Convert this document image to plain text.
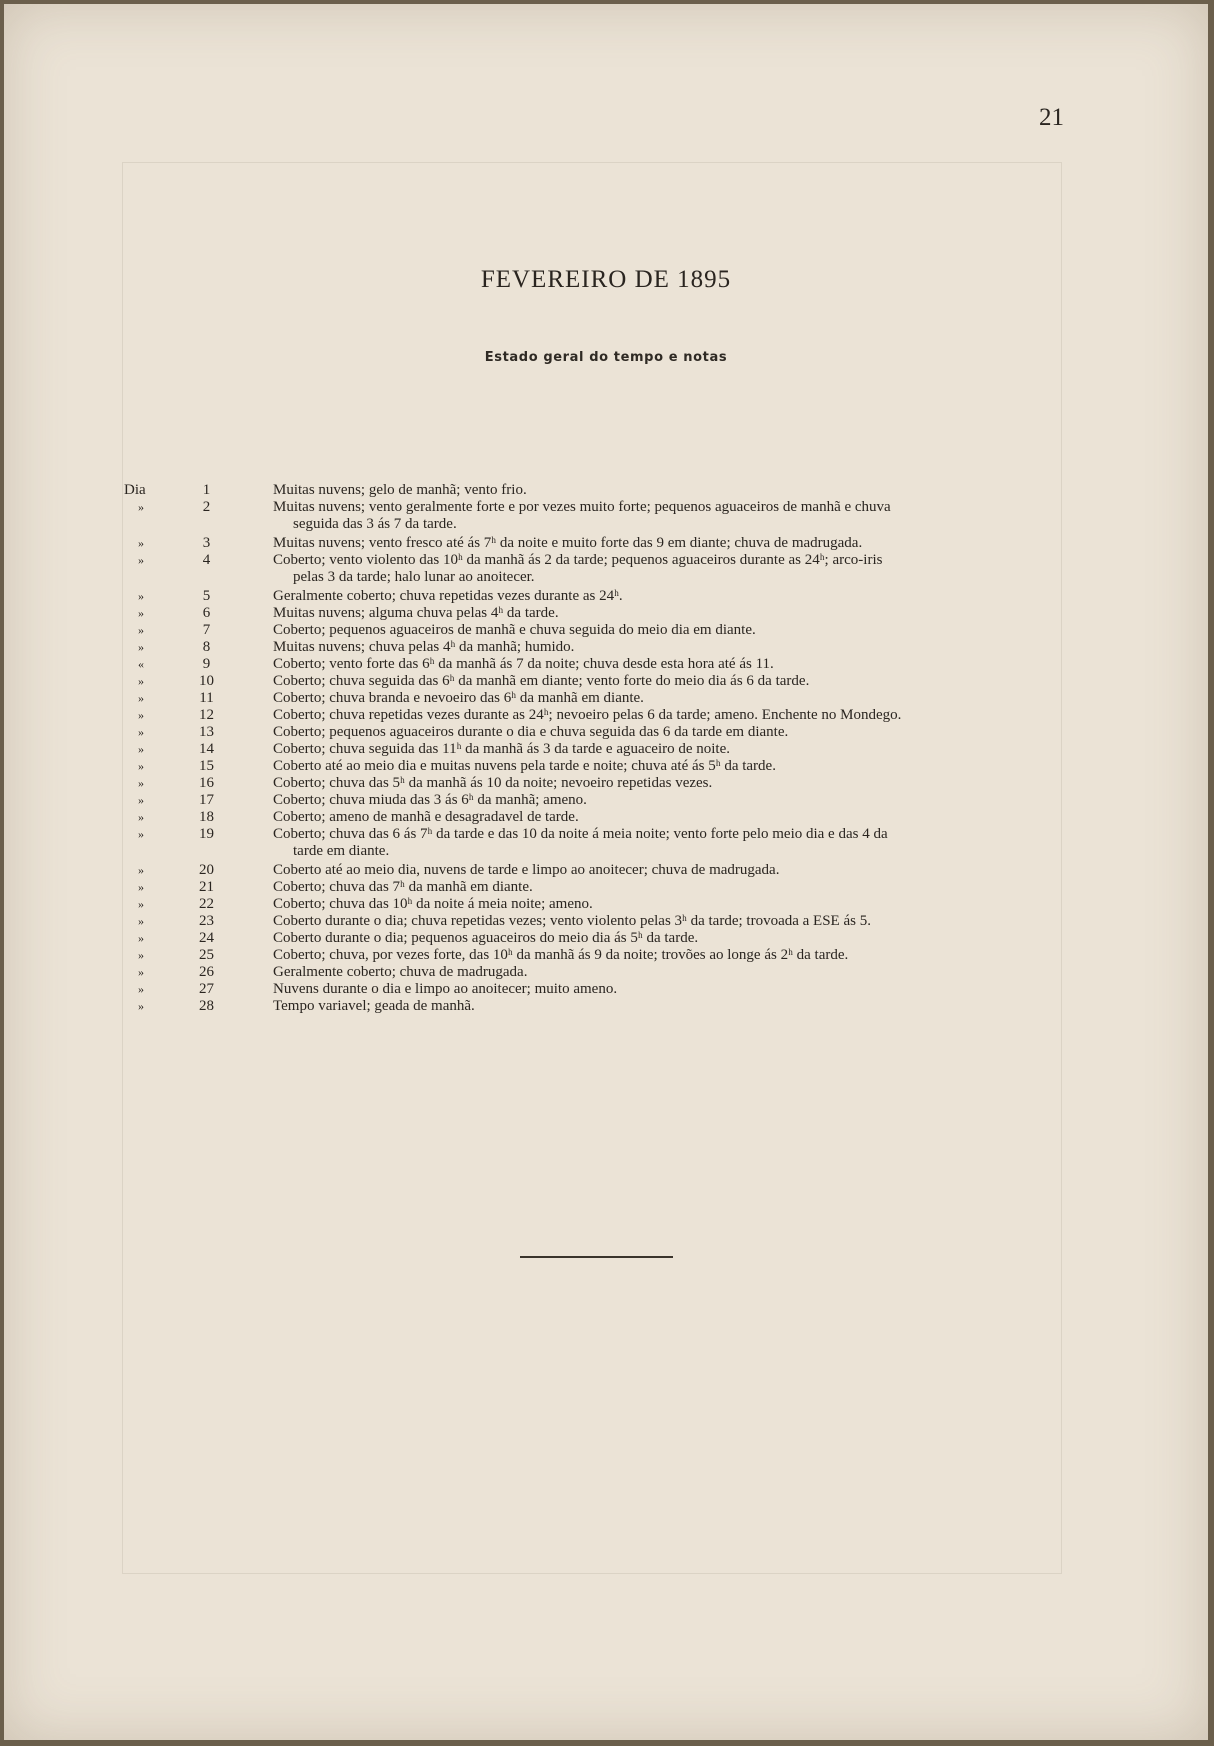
21
FEVEREIRO DE 1895
Estado geral do tempo e notas
Dia	1	Muitas nuvens; gelo de manhã; vento frio.
»	2	Muitas nuvens; vento geralmente forte e por vezes muito forte; pequenos aguaceiros de manhã e chuva
seguida das 3 ás 7 da tarde.
»	3	Muitas nuvens; vento fresco até ás 7ʰ da noite e muito forte das 9 em diante; chuva de madrugada.
»	4	Coberto; vento violento das 10ʰ da manhã ás 2 da tarde; pequenos aguaceiros durante as 24ʰ; arco-iris
pelas 3 da tarde; halo lunar ao anoitecer.
»	5	Geralmente coberto; chuva repetidas vezes durante as 24ʰ.
»	6	Muitas nuvens; alguma chuva pelas 4ʰ da tarde.
»	7	Coberto; pequenos aguaceiros de manhã e chuva seguida do meio dia em diante.
»	8	Muitas nuvens; chuva pelas 4ʰ da manhã; humido.
«	9	Coberto; vento forte das 6ʰ da manhã ás 7 da noite; chuva desde esta hora até ás 11.
»	10	Coberto; chuva seguida das 6ʰ da manhã em diante; vento forte do meio dia ás 6 da tarde.
»	11	Coberto; chuva branda e nevoeiro das 6ʰ da manhã em diante.
»	12	Coberto; chuva repetidas vezes durante as 24ʰ; nevoeiro pelas 6 da tarde; ameno. Enchente no Mondego.
»	13	Coberto; pequenos aguaceiros durante o dia e chuva seguida das 6 da tarde em diante.
»	14	Coberto; chuva seguida das 11ʰ da manhã ás 3 da tarde e aguaceiro de noite.
»	15	Coberto até ao meio dia e muitas nuvens pela tarde e noite; chuva até ás 5ʰ da tarde.
»	16	Coberto; chuva das 5ʰ da manhã ás 10 da noite; nevoeiro repetidas vezes.
»	17	Coberto; chuva miuda das 3 ás 6ʰ da manhã; ameno.
»	18	Coberto; ameno de manhã e desagradavel de tarde.
»	19	Coberto; chuva das 6 ás 7ʰ da tarde e das 10 da noite á meia noite; vento forte pelo meio dia e das 4 da
tarde em diante.
»	20	Coberto até ao meio dia, nuvens de tarde e limpo ao anoitecer; chuva de madrugada.
»	21	Coberto; chuva das 7ʰ da manhã em diante.
»	22	Coberto; chuva das 10ʰ da noite á meia noite; ameno.
»	23	Coberto durante o dia; chuva repetidas vezes; vento violento pelas 3ʰ da tarde; trovoada a ESE ás 5.
»	24	Coberto durante o dia; pequenos aguaceiros do meio dia ás 5ʰ da tarde.
»	25	Coberto; chuva, por vezes forte, das 10ʰ da manhã ás 9 da noite; trovões ao longe ás 2ʰ da tarde.
»	26	Geralmente coberto; chuva de madrugada.
»	27	Nuvens durante o dia e limpo ao anoitecer; muito ameno.
»	28	Tempo variavel; geada de manhã.
